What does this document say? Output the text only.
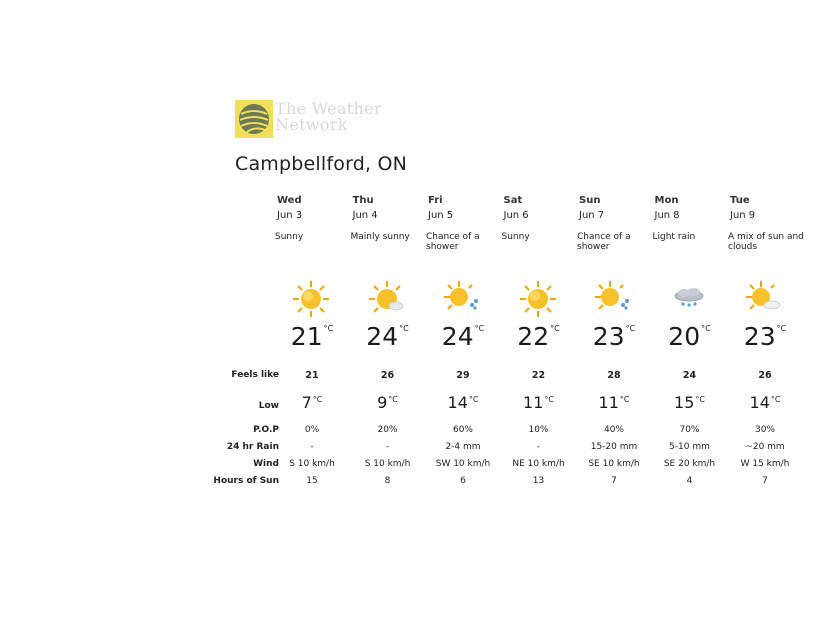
The Weather
Network
Campbellford, ON
Feels like
Low
P.O.P
24 hr Rain
Wind
Hours of Sun
Wed
Jun 3
Sunny
$21^{^\circ C}$
21
$7^{^\circ C}$
0%
-
S 10 km/h
15
Thu
Jun 4
Mainly sunny
$24^{^\circ C}$
26
$9^{^\circ C}$
20%
-
S 10 km/h
8
Fri
Jun 5
Chance of a shower
$24^{^\circ C}$
29
$14^{^\circ C}$
60%
2-4 mm
SW 10 km/h
6
Sat
Jun 6
Sunny
$22^{^\circ C}$
22
$11^{^\circ C}$
10%
-
NE 10 km/h
13
Sun
Jun 7
Chance of a shower
$23^{^\circ C}$
28
$11^{^\circ C}$
40%
15-20 mm
SE 10 km/h
7
Mon
Jun 8
Light rain
$20^{^\circ C}$
24
$15^{^\circ C}$
70%
5-10 mm
SE 20 km/h
4
Tue
Jun 9
A mix of sun and clouds
$23^{^\circ C}$
26
$14^{^\circ C}$
30%
~20 mm
W 15 km/h
7
